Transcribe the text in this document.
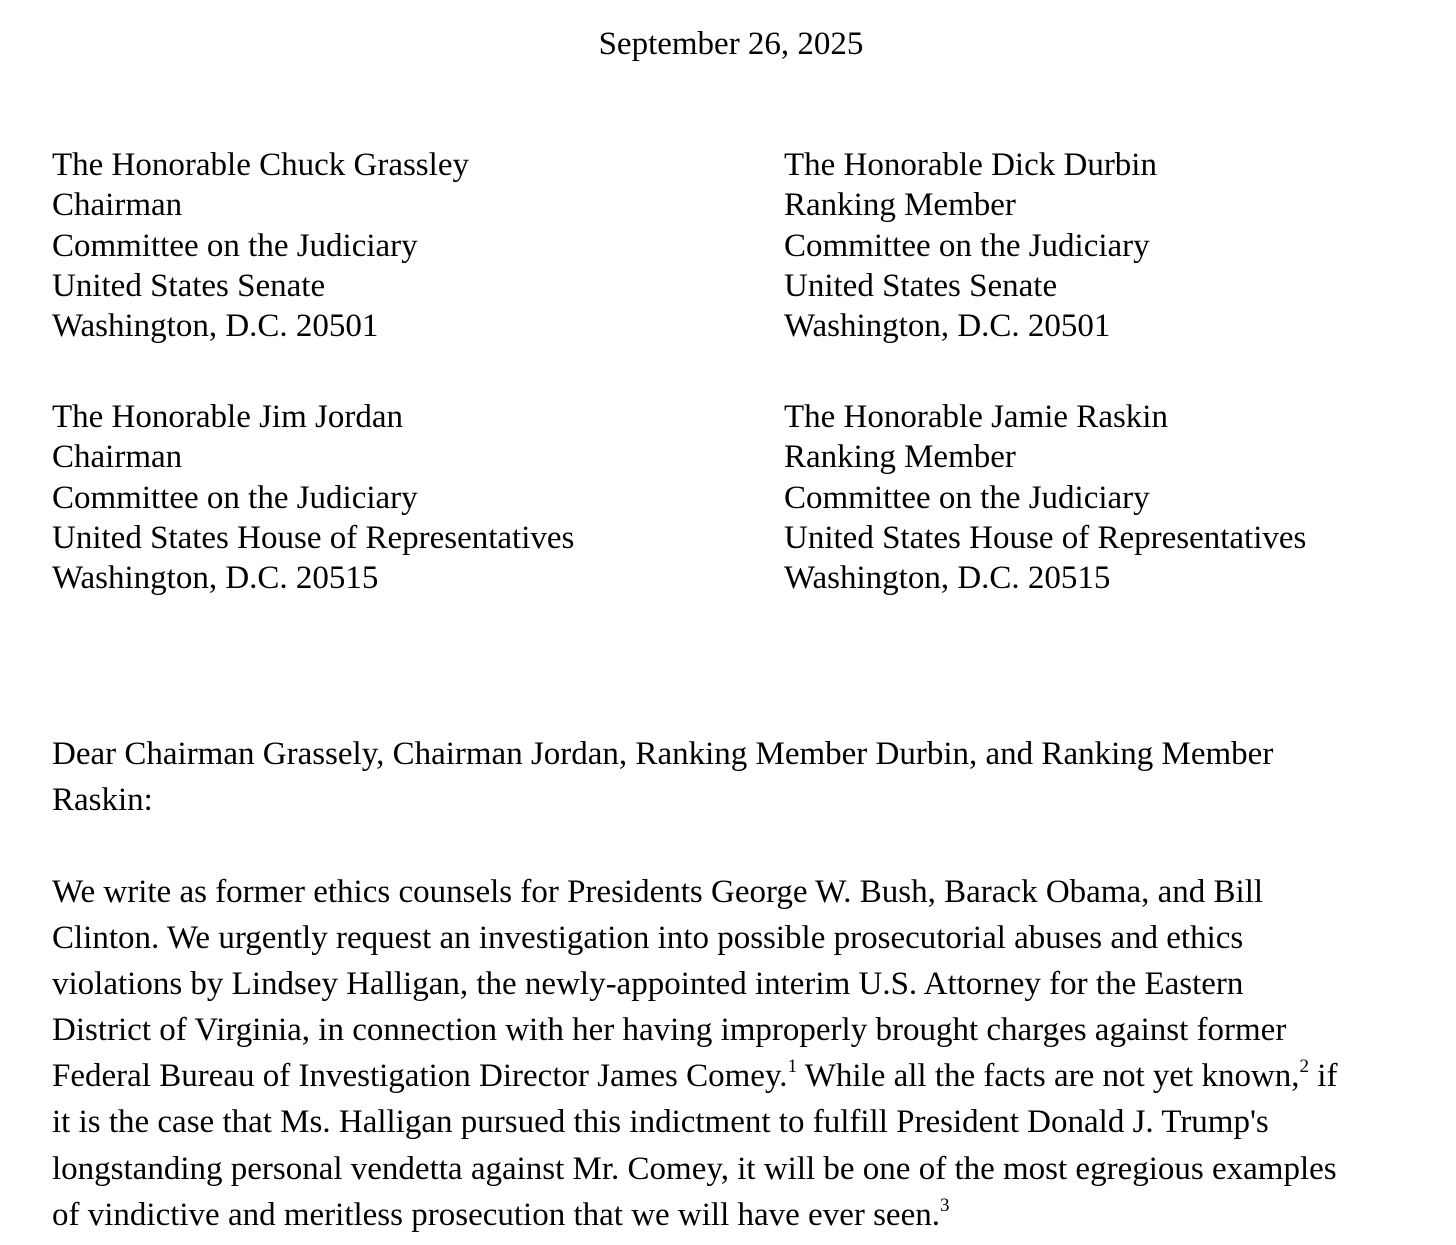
September 26, 2025
The Honorable Chuck Grassley
Chairman
Committee on the Judiciary
United States Senate
Washington, D.C. 20501
The Honorable Dick Durbin
Ranking Member
Committee on the Judiciary
United States Senate
Washington, D.C. 20501
The Honorable Jim Jordan
Chairman
Committee on the Judiciary
United States House of Representatives
Washington, D.C. 20515
The Honorable Jamie Raskin
Ranking Member
Committee on the Judiciary
United States House of Representatives
Washington, D.C. 20515
Dear Chairman Grassely, Chairman Jordan, Ranking Member Durbin, and Ranking Member Raskin:
We write as former ethics counsels for Presidents George W. Bush, Barack Obama, and Bill
Clinton. We urgently request an investigation into possible prosecutorial abuses and ethics
violations by Lindsey Halligan, the newly-appointed interim U.S. Attorney for the Eastern
District of Virginia, in connection with her having improperly brought charges against former
Federal Bureau of Investigation Director James Comey.$^1$ While all the facts are not yet known,$^2$ if
it is the case that Ms. Halligan pursued this indictment to fulfill President Donald J. Trump's
longstanding personal vendetta against Mr. Comey, it will be one of the most egregious examples
of vindictive and meritless prosecution that we will have ever seen.$^3$
